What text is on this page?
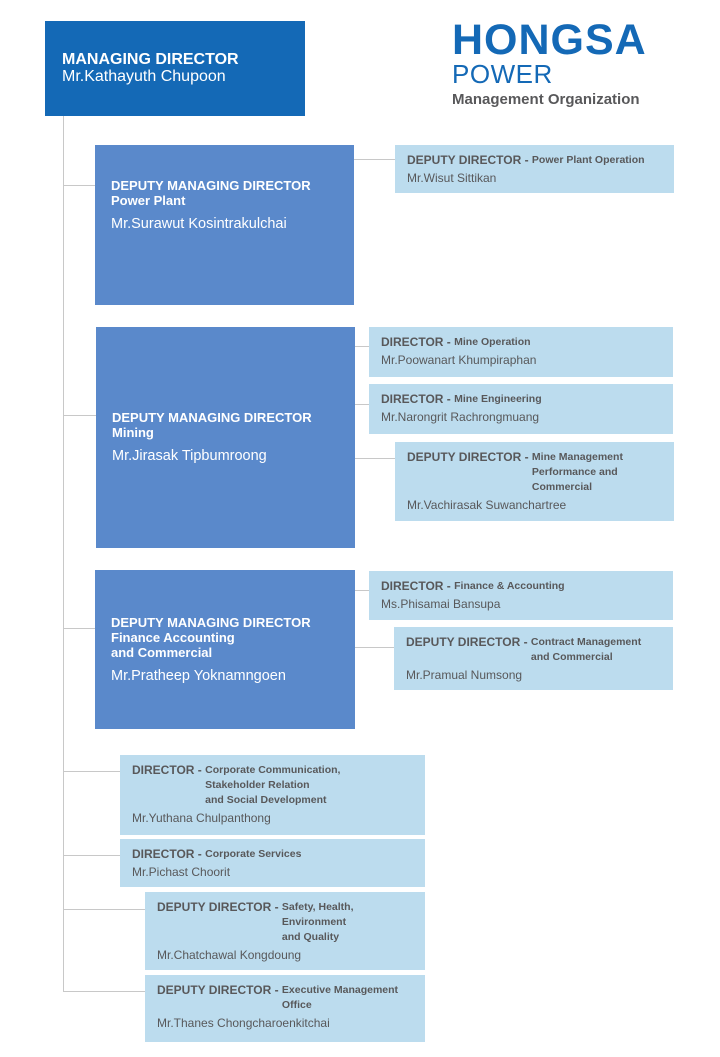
HONGSA
POWER
Management Organization
MANAGING DIRECTOR
Mr.Kathayuth Chupoon
DEPUTY MANAGING DIRECTOR
Power Plant
Mr.Surawut Kosintrakulchai
DEPUTY MANAGING DIRECTOR
Mining
Mr.Jirasak Tipbumroong
DEPUTY MANAGING DIRECTOR
Finance Accounting
and Commercial
Mr.Pratheep Yoknamngoen
DEPUTY DIRECTOR - Power Plant Operation
Mr.Wisut Sittikan
DIRECTOR - Mine Operation
Mr.Poowanart Khumpiraphan
DIRECTOR - Mine Engineering
Mr.Narongrit Rachrongmuang
DEPUTY DIRECTOR - Mine Management
Performance and
Commercial
Mr.Vachirasak Suwanchartree
DIRECTOR - Finance & Accounting
Ms.Phisamai Bansupa
DEPUTY DIRECTOR - Contract Management
and Commercial
Mr.Pramual Numsong
DIRECTOR - Corporate Communication,
Stakeholder Relation
and Social Development
Mr.Yuthana Chulpanthong
DIRECTOR - Corporate Services
Mr.Pichast Choorit
DEPUTY DIRECTOR - Safety, Health,
Environment
and Quality
Mr.Chatchawal Kongdoung
DEPUTY DIRECTOR - Executive Management
Office
Mr.Thanes Chongcharoenkitchai
